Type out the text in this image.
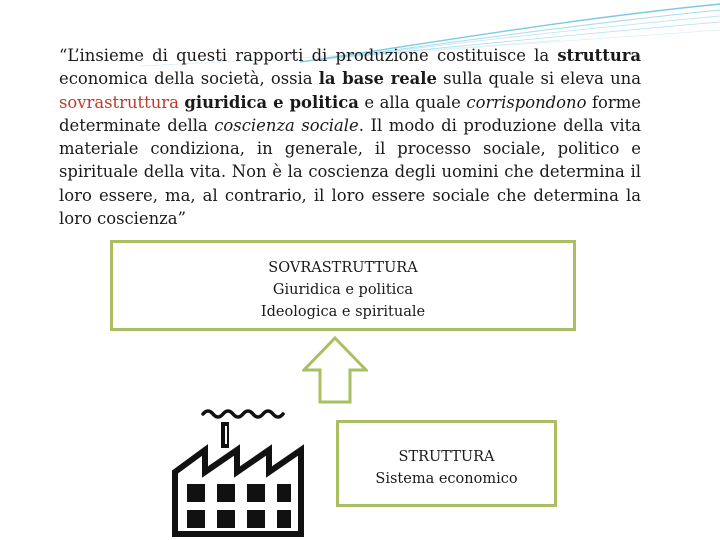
“L’insieme di questi rapporti di produzione costituisce la struttura economica della società, ossia la base reale sulla quale si eleva una sovrastruttura giuridica e politica e alla quale corrispondono forme determinate della coscienza sociale. Il modo di produzione della vita materiale condiziona, in generale, il processo sociale, politico e spirituale della vita. Non è la coscienza degli uomini che determina il loro essere, ma, al contrario, il loro essere sociale che determina la loro coscienza”

SOVRASTRUTTURA
Giuridica e politica
Ideologica e spirituale
STRUTTURA
Sistema economico
